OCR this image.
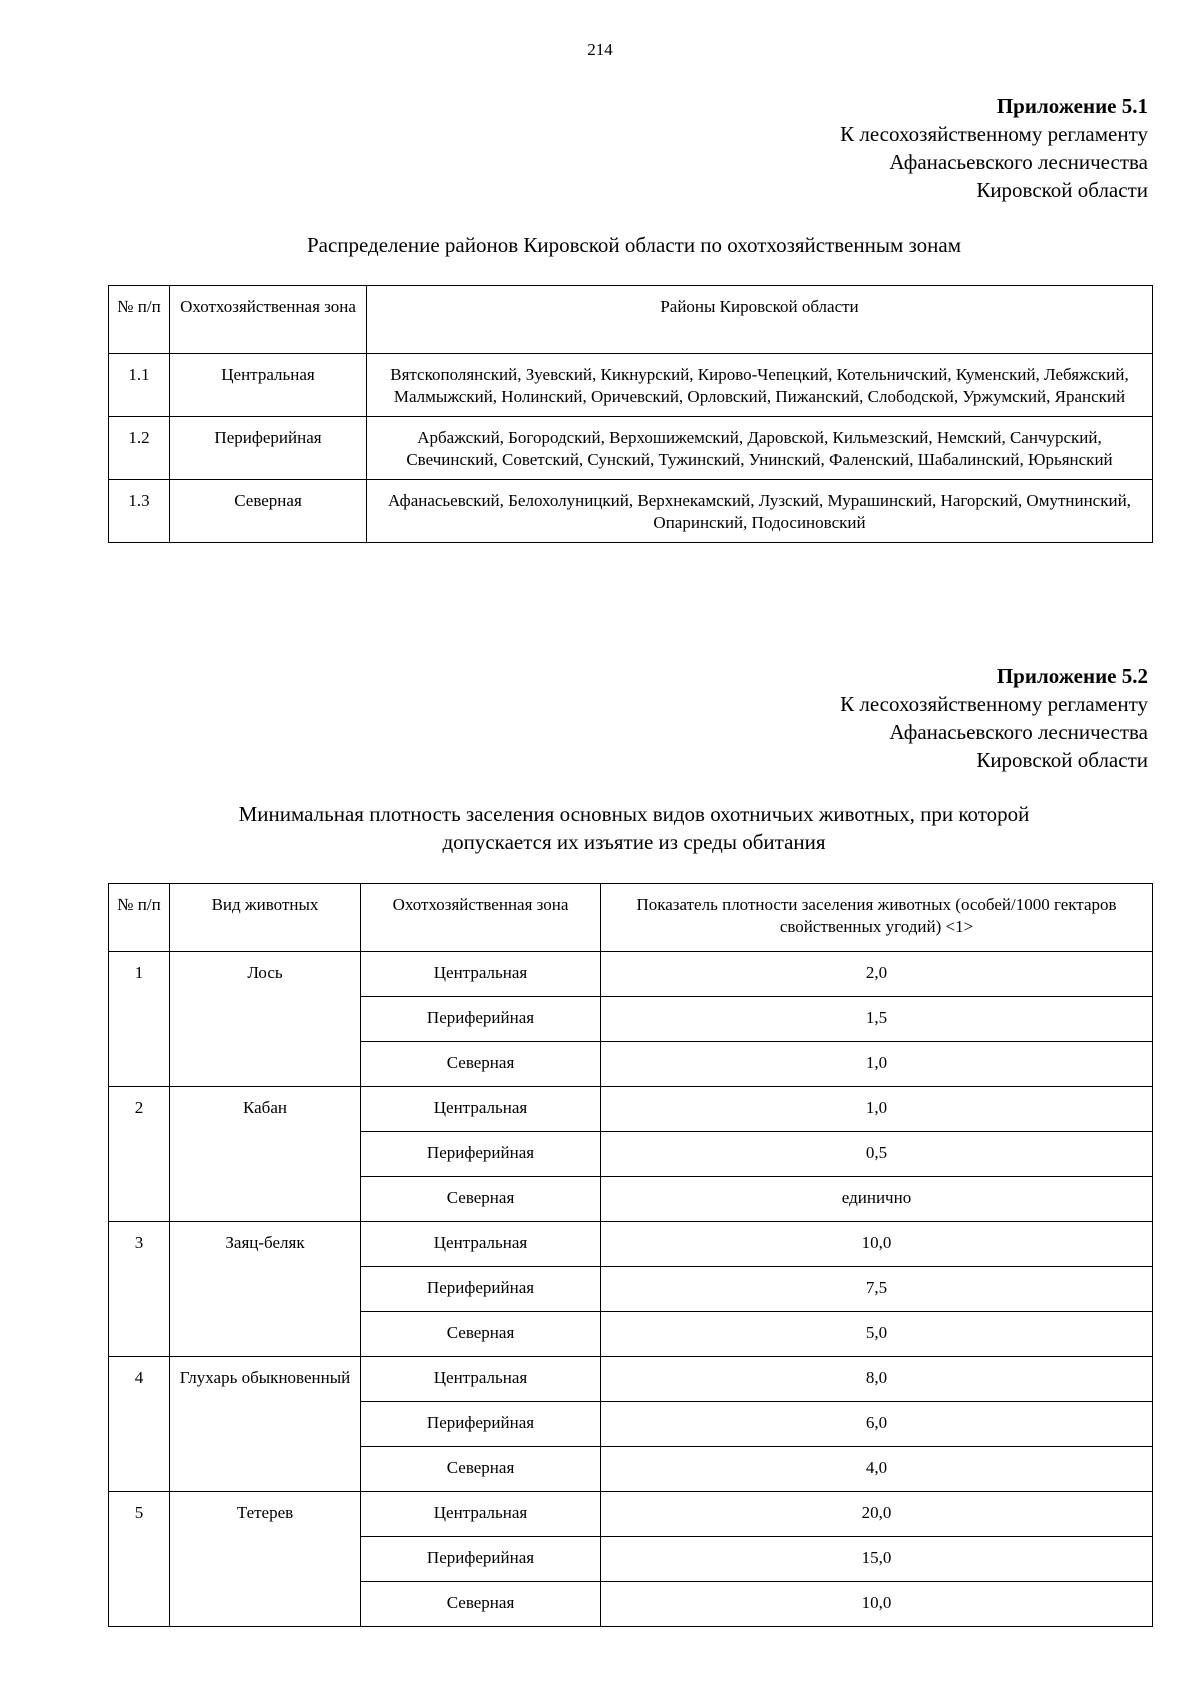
214
Приложение 5.1
К лесохозяйственному регламенту
Афанасьевского лесничества
Кировской области
Распределение районов Кировской области по охотхозяйственным зонам
№ п/п	Охотхозяйственная зона	Районы Кировской области
1.1	Центральная	Вятскополянский, Зуевский, Кикнурский, Кирово-Чепецкий, Котельничский, Куменский, Лебяжский, Малмыжский, Нолинский, Оричевский, Орловский, Пижанский, Слободской, Уржумский, Яранский
1.2	Периферийная	Арбажский, Богородский, Верхошижемский, Даровской, Кильмезский, Немский, Санчурский, Свечинский, Советский, Сунский, Тужинский, Унинский, Фаленский, Шабалинский, Юрьянский
1.3	Северная	Афанасьевский, Белохолуницкий, Верхнекамский, Лузский, Мурашинский, Нагорский, Омутнинский, Опаринский, Подосиновский
Приложение 5.2
К лесохозяйственному регламенту
Афанасьевского лесничества
Кировской области
Минимальная плотность заселения основных видов охотничьих животных, при которой
допускается их изъятие из среды обитания
№ п/п	Вид животных	Охотхозяйственная зона	Показатель плотности заселения животных (особей/1000 гектаров свойственных угодий) <1>
1	Лось	Центральная	2,0
		Периферийная	1,5
		Северная	1,0
2	Кабан	Центральная	1,0
		Периферийная	0,5
		Северная	единично
3	Заяц-беляк	Центральная	10,0
		Периферийная	7,5
		Северная	5,0
4	Глухарь обыкновенный	Центральная	8,0
		Периферийная	6,0
		Северная	4,0
5	Тетерев	Центральная	20,0
		Периферийная	15,0
		Северная	10,0
